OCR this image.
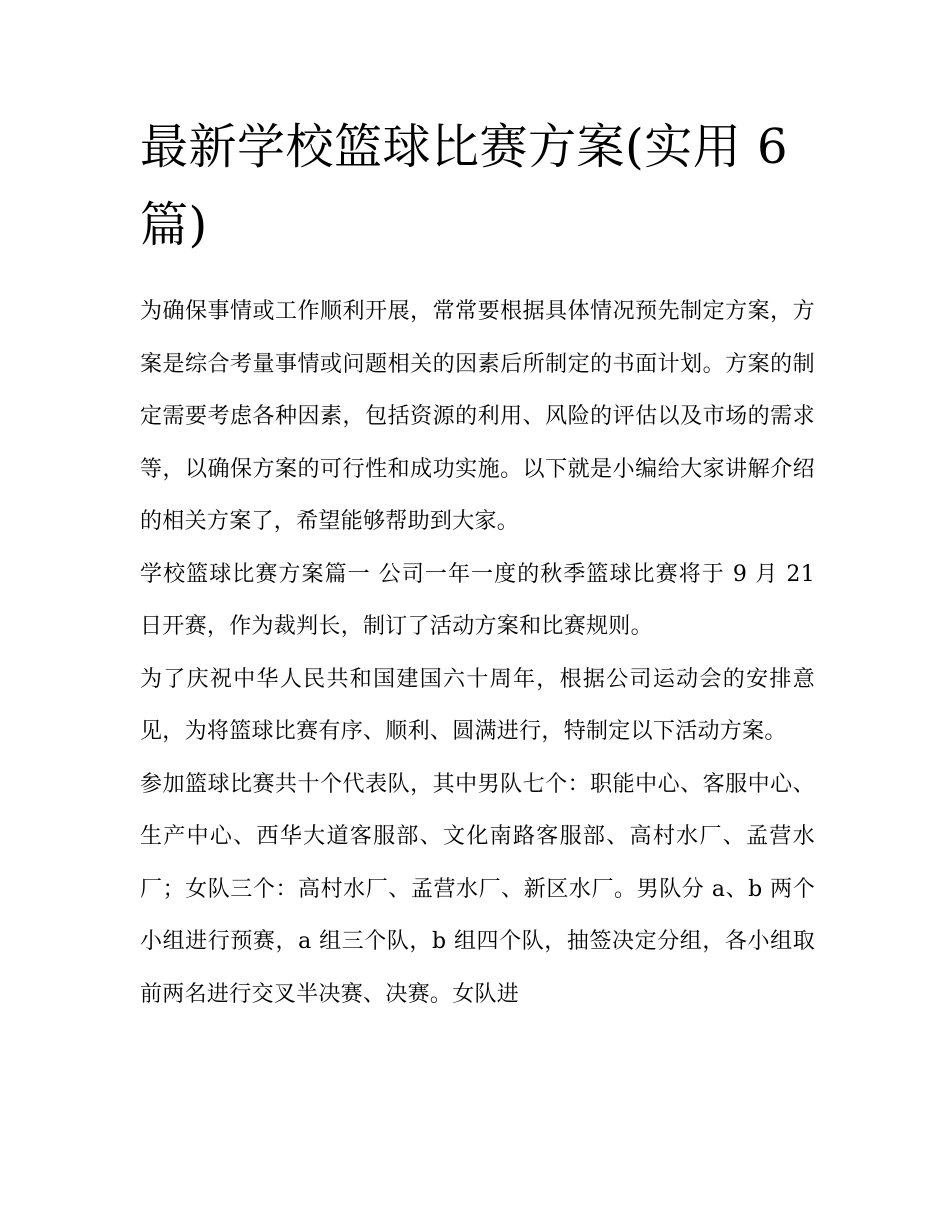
最新学校篮球比赛方案(实用 6 篇)

为确保事情或工作顺利开展，常常要根据具体情况预先制定方案，方案是综合考量事情或问题相关的因素后所制定的书面计划。方案的制定需要考虑各种因素，包括资源的利用、风险的评估以及市场的需求等，以确保方案的可行性和成功实施。以下就是小编给大家讲解介绍的相关方案了，希望能够帮助到大家。

学校篮球比赛方案篇一 公司一年一度的秋季篮球比赛将于 9 月 21 日开赛，作为裁判长，制订了活动方案和比赛规则。

为了庆祝中华人民共和国建国六十周年，根据公司运动会的安排意见，为将篮球比赛有序、顺利、圆满进行，特制定以下活动方案。

参加篮球比赛共十个代表队，其中男队七个：职能中心、客服中心、生产中心、西华大道客服部、文化南路客服部、高村水厂、孟营水厂；女队三个：高村水厂、孟营水厂、新区水厂。男队分 a、b 两个小组进行预赛，a 组三个队，b 组四个队，抽签决定分组，各小组取前两名进行交叉半决赛、决赛。女队进
